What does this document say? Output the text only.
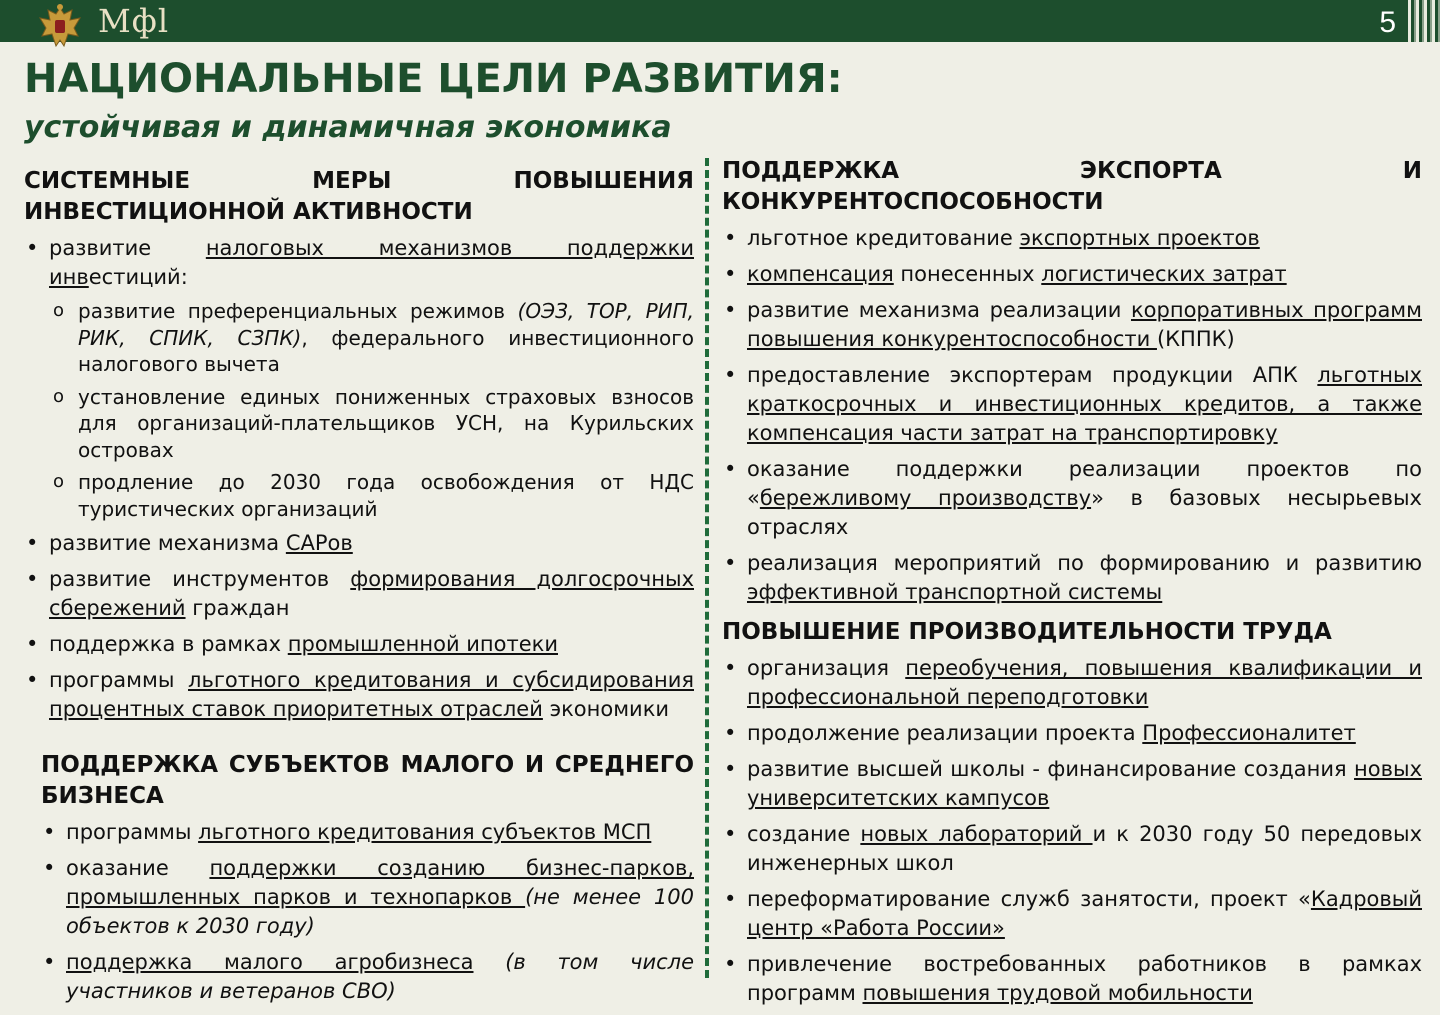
Мфl	5
НАЦИОНАЛЬНЫЕ ЦЕЛИ РАЗВИТИЯ:
устойчивая и динамичная экономика
СИСТЕМНЫЕ МЕРЫ ПОВЫШЕНИЯ ИНВЕСТИЦИОННОЙ АКТИВНОСТИ
• развитие налоговых механизмов поддержки инвестиций:
o развитие преференциальных режимов (ОЭЗ, ТОР, РИП, РИК, СПИК, СЗПК), федерального инвестиционного налогового вычета
o установление единых пониженных страховых взносов для организаций-плательщиков УСН, на Курильских островах
o продление до 2030 года освобождения от НДС туристических организаций
• развитие механизма САРов
• развитие инструментов формирования долгосрочных сбережений граждан
• поддержка в рамках промышленной ипотеки
• программы льготного кредитования и субсидирования процентных ставок приоритетных отраслей экономики
ПОДДЕРЖКА СУБЪЕКТОВ МАЛОГО И СРЕДНЕГО БИЗНЕСА
• программы льготного кредитования субъектов МСП
• оказание поддержки созданию бизнес-парков, промышленных парков и технопарков (не менее 100 объектов к 2030 году)
• поддержка малого агробизнеса (в том числе участников и ветеранов СВО)
ПОДДЕРЖКА ЭКСПОРТА И КОНКУРЕНТОСПОСОБНОСТИ
• льготное кредитование экспортных проектов
• компенсация понесенных логистических затрат
• развитие механизма реализации корпоративных программ повышения конкурентоспособности (КППК)
• предоставление экспортерам продукции АПК льготных краткосрочных и инвестиционных кредитов, а также компенсация части затрат на транспортировку
• оказание поддержки реализации проектов по «бережливому производству» в базовых несырьевых отраслях
• реализация мероприятий по формированию и развитию эффективной транспортной системы
ПОВЫШЕНИЕ ПРОИЗВОДИТЕЛЬНОСТИ ТРУДА
• организация переобучения, повышения квалификации и профессиональной переподготовки
• продолжение реализации проекта Профессионалитет
• развитие высшей школы - финансирование создания новых университетских кампусов
• создание новых лабораторий и к 2030 году 50 передовых инженерных школ
• переформатирование служб занятости, проект «Кадровый центр «Работа России»
• привлечение востребованных работников в рамках программ повышения трудовой мобильности
